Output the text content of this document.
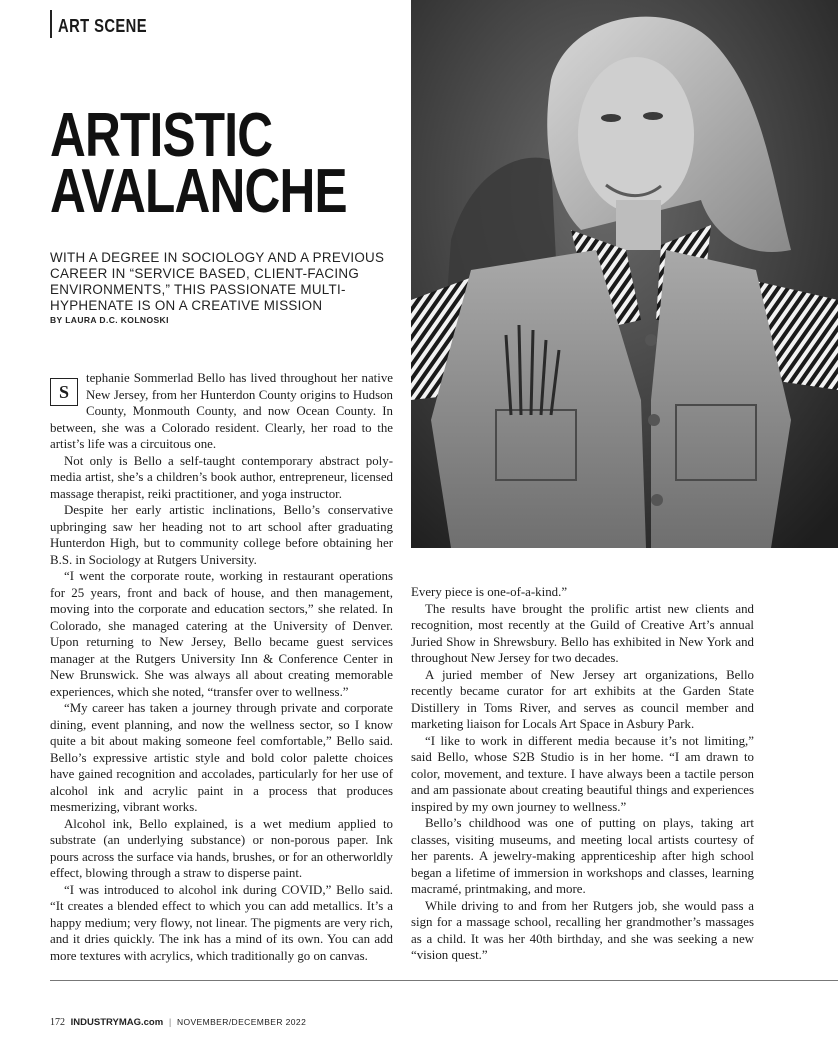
ART SCENE
ARTISTIC
AVALANCHE
WITH A DEGREE IN SOCIOLOGY AND A PREVIOUS CAREER IN “SERVICE BASED, CLIENT-FACING ENVIRONMENTS,” THIS PASSIONATE MULTI-HYPHENATE IS ON A CREATIVE MISSION
BY LAURA D.C. KOLNOSKI

S
tephanie Sommerlad Bello has lived throughout her native New Jersey, from her Hunterdon County origins to Hudson County, Monmouth County, and now Ocean County. In between, she was a Colorado resident. Clearly, her road to the artist’s life was a circuitous one.

Not only is Bello a self-taught contemporary abstract poly-media artist, she’s a children’s book author, entrepreneur, licensed massage therapist, reiki practitioner, and yoga instructor.

Despite her early artistic inclinations, Bello’s conservative upbringing saw her heading not to art school after graduating Hunterdon High, but to community college before obtaining her B.S. in Sociology at Rutgers University.

“I went the corporate route, working in restaurant operations for 25 years, front and back of house, and then management, moving into the corporate and education sectors,” she related. In Colorado, she managed catering at the University of Denver. Upon returning to New Jersey, Bello became guest services manager at the Rutgers University Inn & Conference Center in New Brunswick. She was always all about creating memorable experiences, which she noted, “transfer over to wellness.”

“My career has taken a journey through private and corporate dining, event planning, and now the wellness sector, so I know quite a bit about making someone feel comfortable,” Bello said. Bello’s expressive artistic style and bold color palette choices have gained recognition and accolades, particularly for her use of alcohol ink and acrylic paint in a process that produces mesmerizing, vibrant works.

Alcohol ink, Bello explained, is a wet medium applied to substrate (an underlying substance) or non-porous paper. Ink pours across the surface via hands, brushes, or for an otherworldly effect, blowing through a straw to disperse paint.

“I was introduced to alcohol ink during COVID,” Bello said. “It creates a blended effect to which you can add metallics. It’s a happy medium; very flowy, not linear. The pigments are very rich, and it dries quickly. The ink has a mind of its own. You can add more textures with acrylics, which traditionally go on canvas.

Every piece is one-of-a-kind.”

The results have brought the prolific artist new clients and recognition, most recently at the Guild of Creative Art’s annual Juried Show in Shrewsbury. Bello has exhibited in New York and throughout New Jersey for two decades.

A juried member of New Jersey art organizations, Bello recently became curator for art exhibits at the Garden State Distillery in Toms River, and serves as council member and marketing liaison for Locals Art Space in Asbury Park.

“I like to work in different media because it’s not limiting,” said Bello, whose S2B Studio is in her home. “I am drawn to color, movement, and texture. I have always been a tactile person and am passionate about creating beautiful things and experiences inspired by my own journey to wellness.”

Bello’s childhood was one of putting on plays, taking art classes, visiting museums, and meeting local artists courtesy of her parents. A jewelry-making apprenticeship after high school began a lifetime of immersion in workshops and classes, learning macramé, printmaking, and more.

While driving to and from her Rutgers job, she would pass a sign for a massage school, recalling her grandmother’s massages as a child. It was her 40th birthday, and she was seeking a new “vision quest.”

172 INDUSTRYMAG.com | NOVEMBER/DECEMBER 2022
